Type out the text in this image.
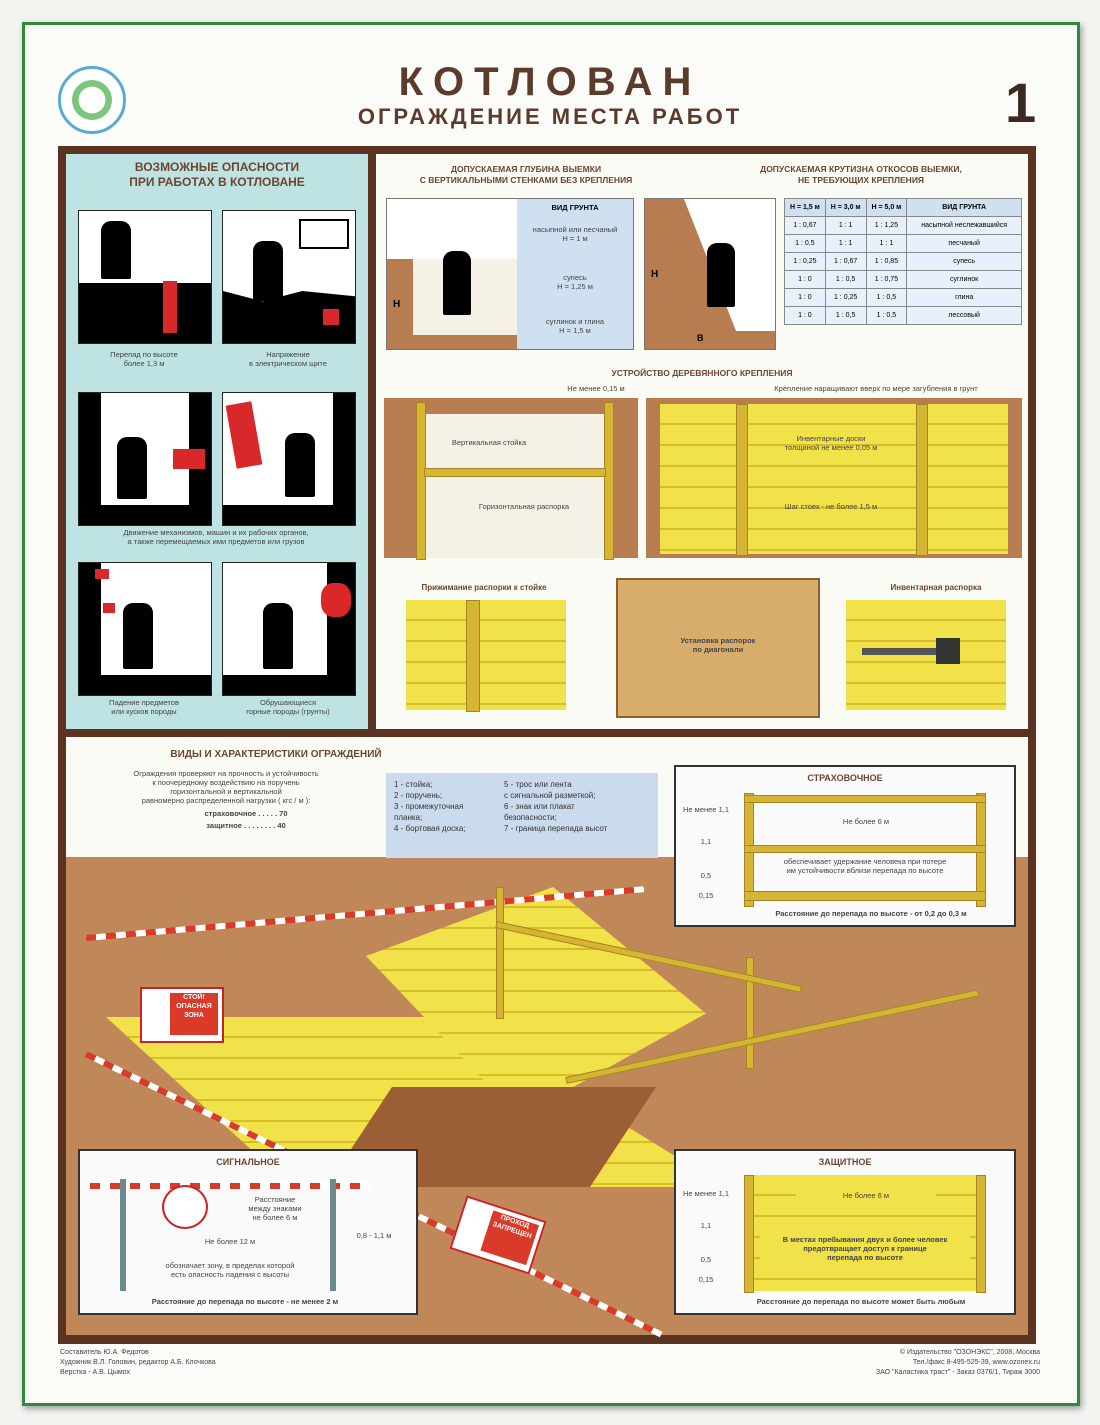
КОТЛОВАН
ОГРАЖДЕНИЕ МЕСТА РАБОТ	1
ВОЗМОЖНЫЕ ОПАСНОСТИ
ПРИ РАБОТАХ В КОТЛОВАНЕ
Перепад по высоте
более 1,3 м
Напряжение
в электрическом щите
Движение механизмов, машин и их рабочих органов,
а также перемещаемых ими предметов или грузов
Падение предметов
или кусков породы
Обрушающиеся
горные породы (грунты)
ДОПУСКАЕМАЯ ГЛУБИНА ВЫЕМКИ
С ВЕРТИКАЛЬНЫМИ СТЕНКАМИ БЕЗ КРЕПЛЕНИЯ
ДОПУСКАЕМАЯ КРУТИЗНА ОТКОСОВ ВЫЕМКИ,
НЕ ТРЕБУЮЩИХ КРЕПЛЕНИЯ
Н
ВИД ГРУНТА
насыпной или песчаный
Н = 1 м
супесь
Н = 1,25 м
суглинок и глина
Н = 1,5 м
Н
В
Н = 1,5 м	Н = 3,0 м	Н = 5,0 м	ВИД ГРУНТА
1 : 0,67	1 : 1	1 : 1,25	насыпной неслежавшийся
1 : 0,5	1 : 1	1 : 1	песчаный
1 : 0,25	1 : 0,67	1 : 0,85	супесь
1 : 0	1 : 0,5	1 : 0,75	суглинок
1 : 0	1 : 0,25	1 : 0,5	глина
1 : 0	1 : 0,5	1 : 0,5	лессовый
УСТРОЙСТВО ДЕРЕВЯННОГО КРЕПЛЕНИЯ
Не менее 0,15 м	Крепление наращивают вверх по мере загубления в грунт
Вертикальная стойка
Горизонтальная распорка
Инвентарные доски
толщиной не менее 0,05 м
Шаг стоек - не более 1,5 м
Прижимание распорки к стойке
Установка распорок
по диагонали
Инвентарная распорка
ВИДЫ И ХАРАКТЕРИСТИКИ ОГРАЖДЕНИЙ
Ограждения проверяют на прочность и устойчивость
к поочередному воздействию на поручень
горизонтальной и вертикальной
равномерно распределенной нагрузки ( кгс / м ):
страховочное . . . . . 70
защитное . . . . . . . . 40
СТОЙ!
ОПАСНАЯ ЗОНА
ПРОХОД
ЗАПРЕЩЕН
1 - стойка;
2 - поручень;
3 - промежуточная
планка;
4 - бортовая доска;
5 - трос или лента
с сигнальной разметкой;
6 - знак или плакат
безопасности;
7 - граница перепада высот
СТРАХОВОЧНОЕ
Не более 6 м
Не менее 1,1
1,1
0,5
0,15
обеспечивает удержание человека при потере
им устойчивости вблизи перепада по высоте
Расстояние до перепада по высоте - от 0,2 до 0,3 м
СИГНАЛЬНОЕ
Расстояние
между знаками
не более 6 м
Не более 12 м
0,8 - 1,1 м
обозначает зону, в пределах которой
есть опасность падения с высоты
Расстояние до перепада по высоте - не менее 2 м
ЗАЩИТНОЕ
Не более 6 м
Не менее 1,1
1,1
0,5
0,15
В местах пребывания двух и более человек
предотвращает доступ к границе
перепада по высоте
Расстояние до перепада по высоте может быть любым
Составитель Ю.А. Федотов
Художник В.Л. Головин, редактор А.Б. Клочкова
Верстка - А.В. Цымох
© Издательство "ОЗОНЭКС", 2008, Москва
Тел./факс 8-495-525-39, www.ozonex.ru
ЗАО "Каластика траст" - Заказ 0376/1, Тираж 3000
